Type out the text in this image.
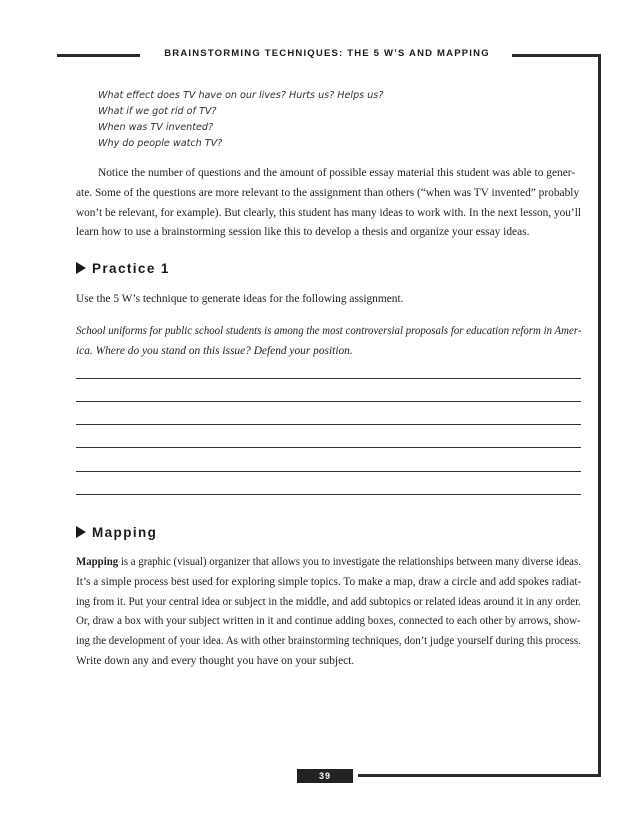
BRAINSTORMING TECHNIQUES: THE 5 W’S AND MAPPING
What effect does TV have on our lives? Hurts us? Helps us?
What if we got rid of TV?
When was TV invented?
Why do people watch TV?
Notice the number of questions and the amount of possible essay material this student was able to gener-
ate. Some of the questions are more relevant to the assignment than others (“when was TV invented” probably
won’t be relevant, for example). But clearly, this student has many ideas to work with. In the next lesson, you’ll
learn how to use a brainstorming session like this to develop a thesis and organize your essay ideas.
Practice 1
Use the 5 W’s technique to generate ideas for the following assignment.
School uniforms for public school students is among the most controversial proposals for education reform in Amer-
ica. Where do you stand on this issue? Defend your position.
Mapping
Mapping is a graphic (visual) organizer that allows you to investigate the relationships between many diverse ideas.
It’s a simple process best used for exploring simple topics. To make a map, draw a circle and add spokes radiat-
ing from it. Put your central idea or subject in the middle, and add subtopics or related ideas around it in any order.
Or, draw a box with your subject written in it and continue adding boxes, connected to each other by arrows, show-
ing the development of your idea. As with other brainstorming techniques, don’t judge yourself during this process.
Write down any and every thought you have on your subject.
39
